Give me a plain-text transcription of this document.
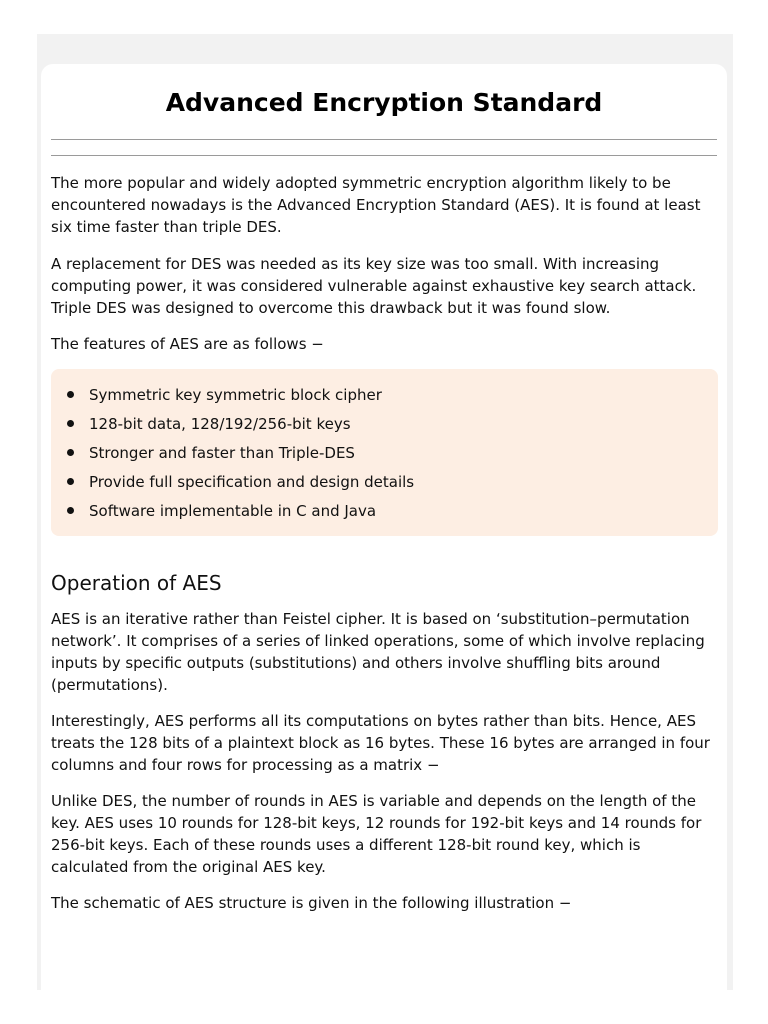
Advanced Encryption Standard

The more popular and widely adopted symmetric encryption algorithm likely to be encountered nowadays is the Advanced Encryption Standard (AES). It is found at least six time faster than triple DES.

A replacement for DES was needed as its key size was too small. With increasing computing power, it was considered vulnerable against exhaustive key search attack. Triple DES was designed to overcome this drawback but it was found slow.

The features of AES are as follows −

Symmetric key symmetric block cipher
128-bit data, 128/192/256-bit keys
Stronger and faster than Triple-DES
Provide full specification and design details
Software implementable in C and Java
Operation of AES

AES is an iterative rather than Feistel cipher. It is based on ‘substitution–permutation network’. It comprises of a series of linked operations, some of which involve replacing inputs by specific outputs (substitutions) and others involve shuffling bits around (permutations).

Interestingly, AES performs all its computations on bytes rather than bits. Hence, AES treats the 128 bits of a plaintext block as 16 bytes. These 16 bytes are arranged in four columns and four rows for processing as a matrix −

Unlike DES, the number of rounds in AES is variable and depends on the length of the key. AES uses 10 rounds for 128-bit keys, 12 rounds for 192-bit keys and 14 rounds for 256-bit keys. Each of these rounds uses a different 128-bit round key, which is calculated from the original AES key.

The schematic of AES structure is given in the following illustration −
